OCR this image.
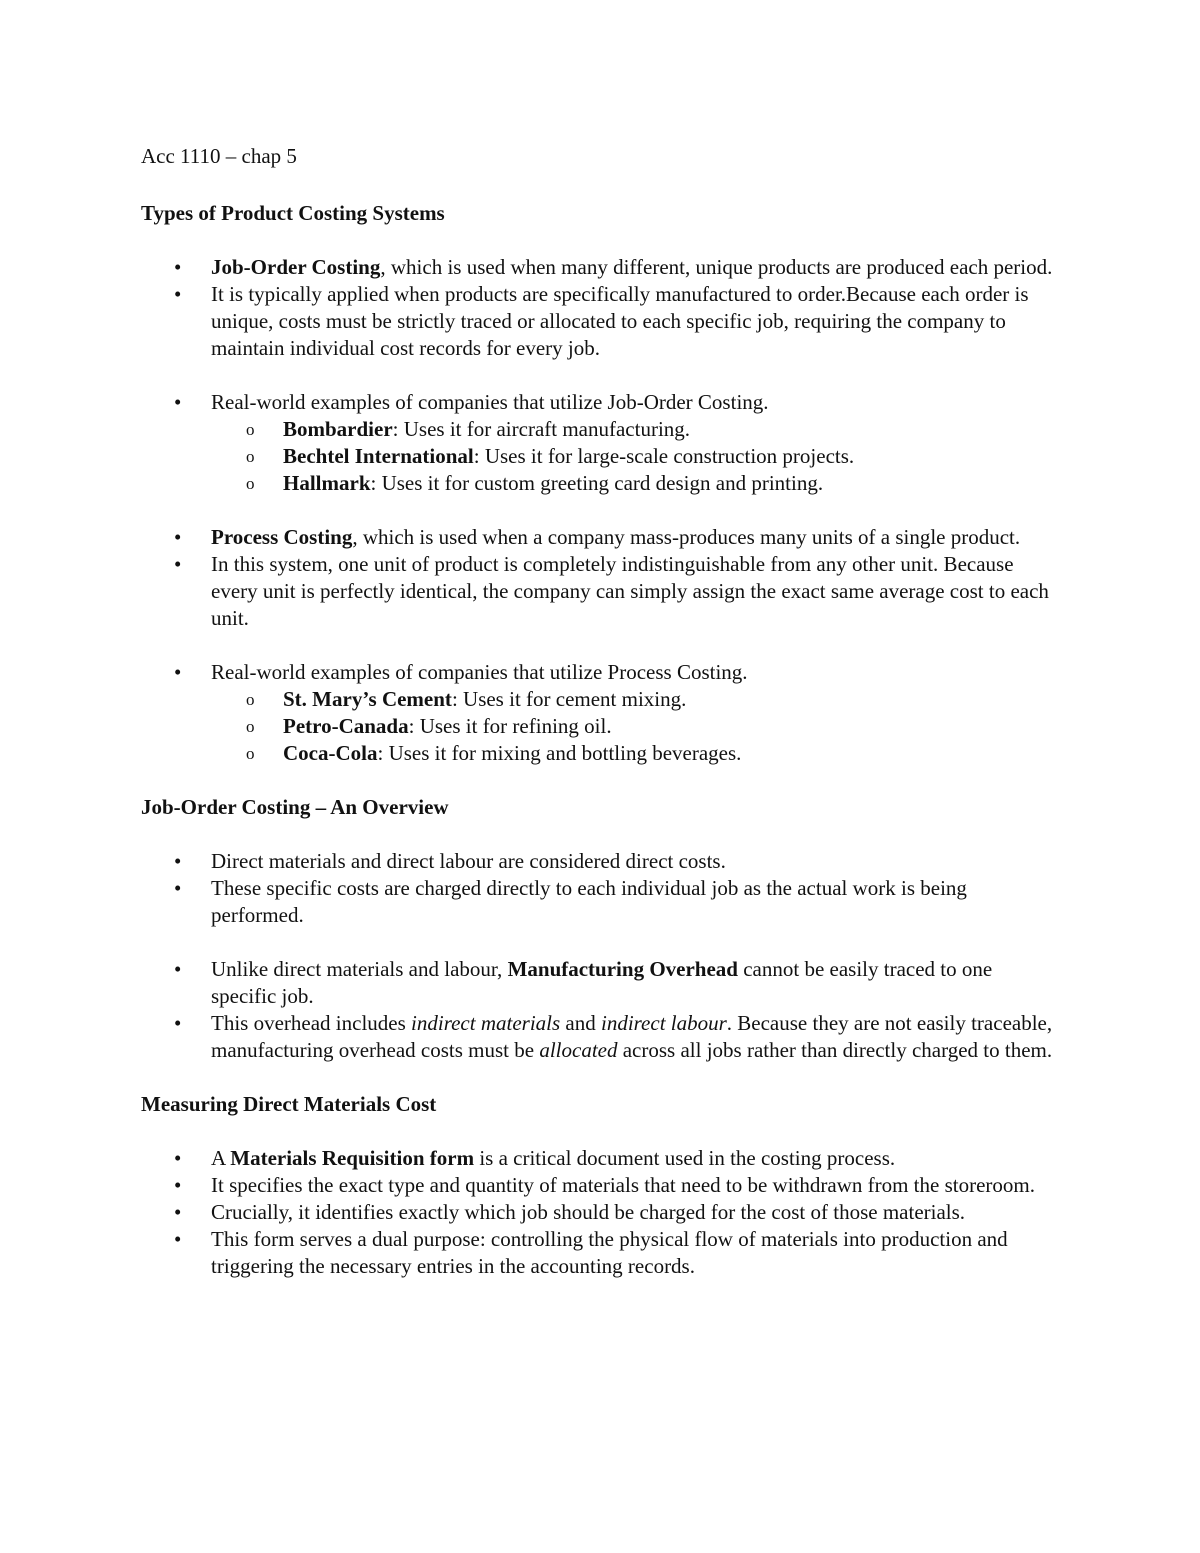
Acc 1110 – chap 5

Types of Product Costing Systems
• Job-Order Costing, which is used when many different, unique products are produced each period.
• It is typically applied when products are specifically manufactured to order.Because each order is unique, costs must be strictly traced or allocated to each specific job, requiring the company to maintain individual cost records for every job.
• Real-world examples of companies that utilize Job-Order Costing.
o Bombardier: Uses it for aircraft manufacturing.
o Bechtel International: Uses it for large-scale construction projects.
o Hallmark: Uses it for custom greeting card design and printing.
• Process Costing, which is used when a company mass-produces many units of a single product.
• In this system, one unit of product is completely indistinguishable from any other unit. Because every unit is perfectly identical, the company can simply assign the exact same average cost to each unit.
• Real-world examples of companies that utilize Process Costing.
o St. Mary’s Cement: Uses it for cement mixing.
o Petro-Canada: Uses it for refining oil.
o Coca-Cola: Uses it for mixing and bottling beverages.
Job-Order Costing – An Overview
• Direct materials and direct labour are considered direct costs.
• These specific costs are charged directly to each individual job as the actual work is being performed.
• Unlike direct materials and labour, Manufacturing Overhead cannot be easily traced to one specific job.
• This overhead includes indirect materials and indirect labour. Because they are not easily traceable, manufacturing overhead costs must be allocated across all jobs rather than directly charged to them.
Measuring Direct Materials Cost
• A Materials Requisition form is a critical document used in the costing process.
• It specifies the exact type and quantity of materials that need to be withdrawn from the storeroom.
• Crucially, it identifies exactly which job should be charged for the cost of those materials.
• This form serves a dual purpose: controlling the physical flow of materials into production and triggering the necessary entries in the accounting records.
